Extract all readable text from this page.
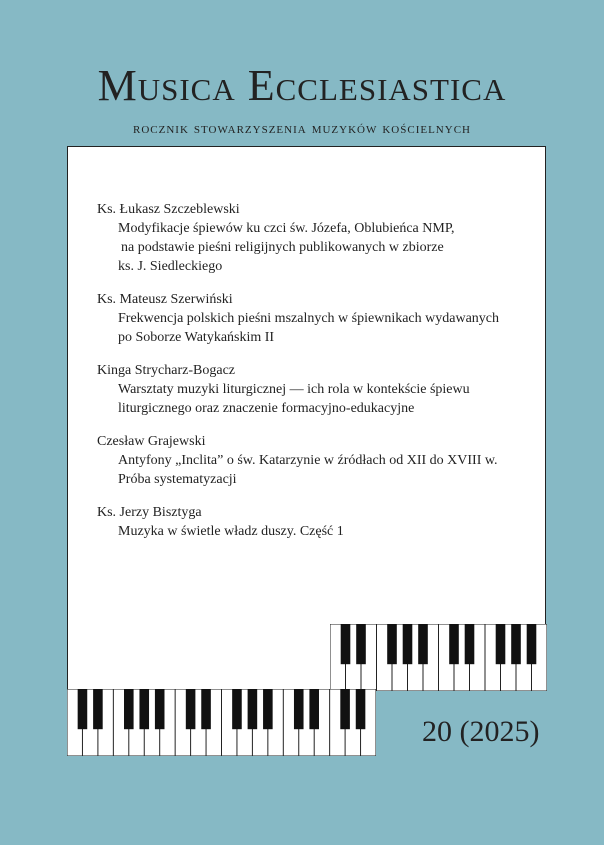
Musica Ecclesiastica
rocznik stowarzyszenia muzyków kościelnych
Ks. Łukasz Szczeblewski
Modyfikacje śpiewów ku czci św. Józefa, Oblubieńca NMP,
na podstawie pieśni religijnych publikowanych w zbiorze
ks. J. Siedleckiego
Ks. Mateusz Szerwiński
Frekwencja polskich pieśni mszalnych w śpiewnikach wydawanych
po Soborze Watykańskim II
Kinga Strycharz-Bogacz
Warsztaty muzyki liturgicznej — ich rola w kontekście śpiewu
liturgicznego oraz znaczenie formacyjno-edukacyjne
Czesław Grajewski
Antyfony „Inclita” o św. Katarzynie w źródłach od XII do XVIII w.
Próba systematyzacji
Ks. Jerzy Bisztyga
Muzyka w świetle władz duszy. Część 1
20 (2025)
